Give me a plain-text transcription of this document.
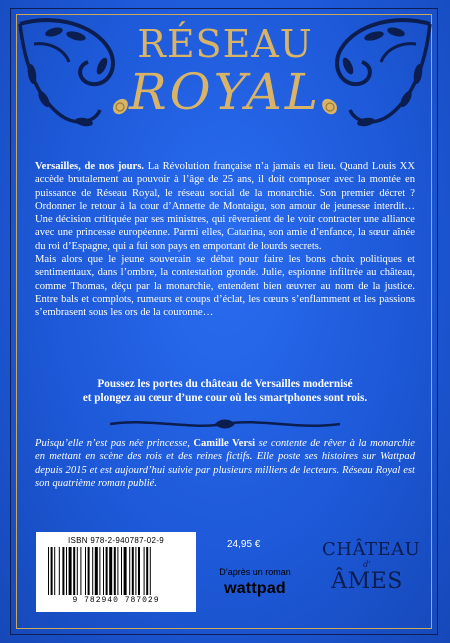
RÉSEAU
ROYAL

Versailles, de nos jours. La Révolution française n’a jamais eu lieu. Quand Louis XX accède brutalement au pouvoir à l’âge de 25 ans, il doit composer avec la montée en puissance de Réseau Royal, le réseau social de la monarchie. Son premier décret ? Ordonner le retour à la cour d’Annette de Montaigu, son amour de jeunesse interdit… Une décision critiquée par ses ministres, qui rêveraient de le voir contracter une alliance avec une princesse européenne. Parmi elles, Catarina, son amie d’enfance, la sœur aînée du roi d’Espagne, qui a fui son pays en emportant de lourds secrets.

Mais alors que le jeune souverain se débat pour faire les bons choix politiques et sentimentaux, dans l’ombre, la contestation gronde. Julie, espionne infiltrée au château, comme Thomas, déçu par la monarchie, entendent bien œuvrer au nom de la justice. Entre bals et complots, rumeurs et coups d’éclat, les cœurs s’enflamment et les passions s’embrasent sous les ors de la couronne…

Poussez les portes du château de Versailles modernisé
et plongez au cœur d’une cour où les smartphones sont rois.
Puisqu’elle n’est pas née princesse, Camille Versi se contente de rêver à la monarchie en mettant en scène des rois et des reines fictifs. Elle poste ses histoires sur Wattpad depuis 2015 et est aujourd’hui suivie par plusieurs milliers de lecteurs. Réseau Royal est son quatrième roman publié.
ISBN 978-2-940787-02-9
9 782940 787029
24,95 €
D’après un roman
wattpad
CHÂTEAU
d’
ÂMES
